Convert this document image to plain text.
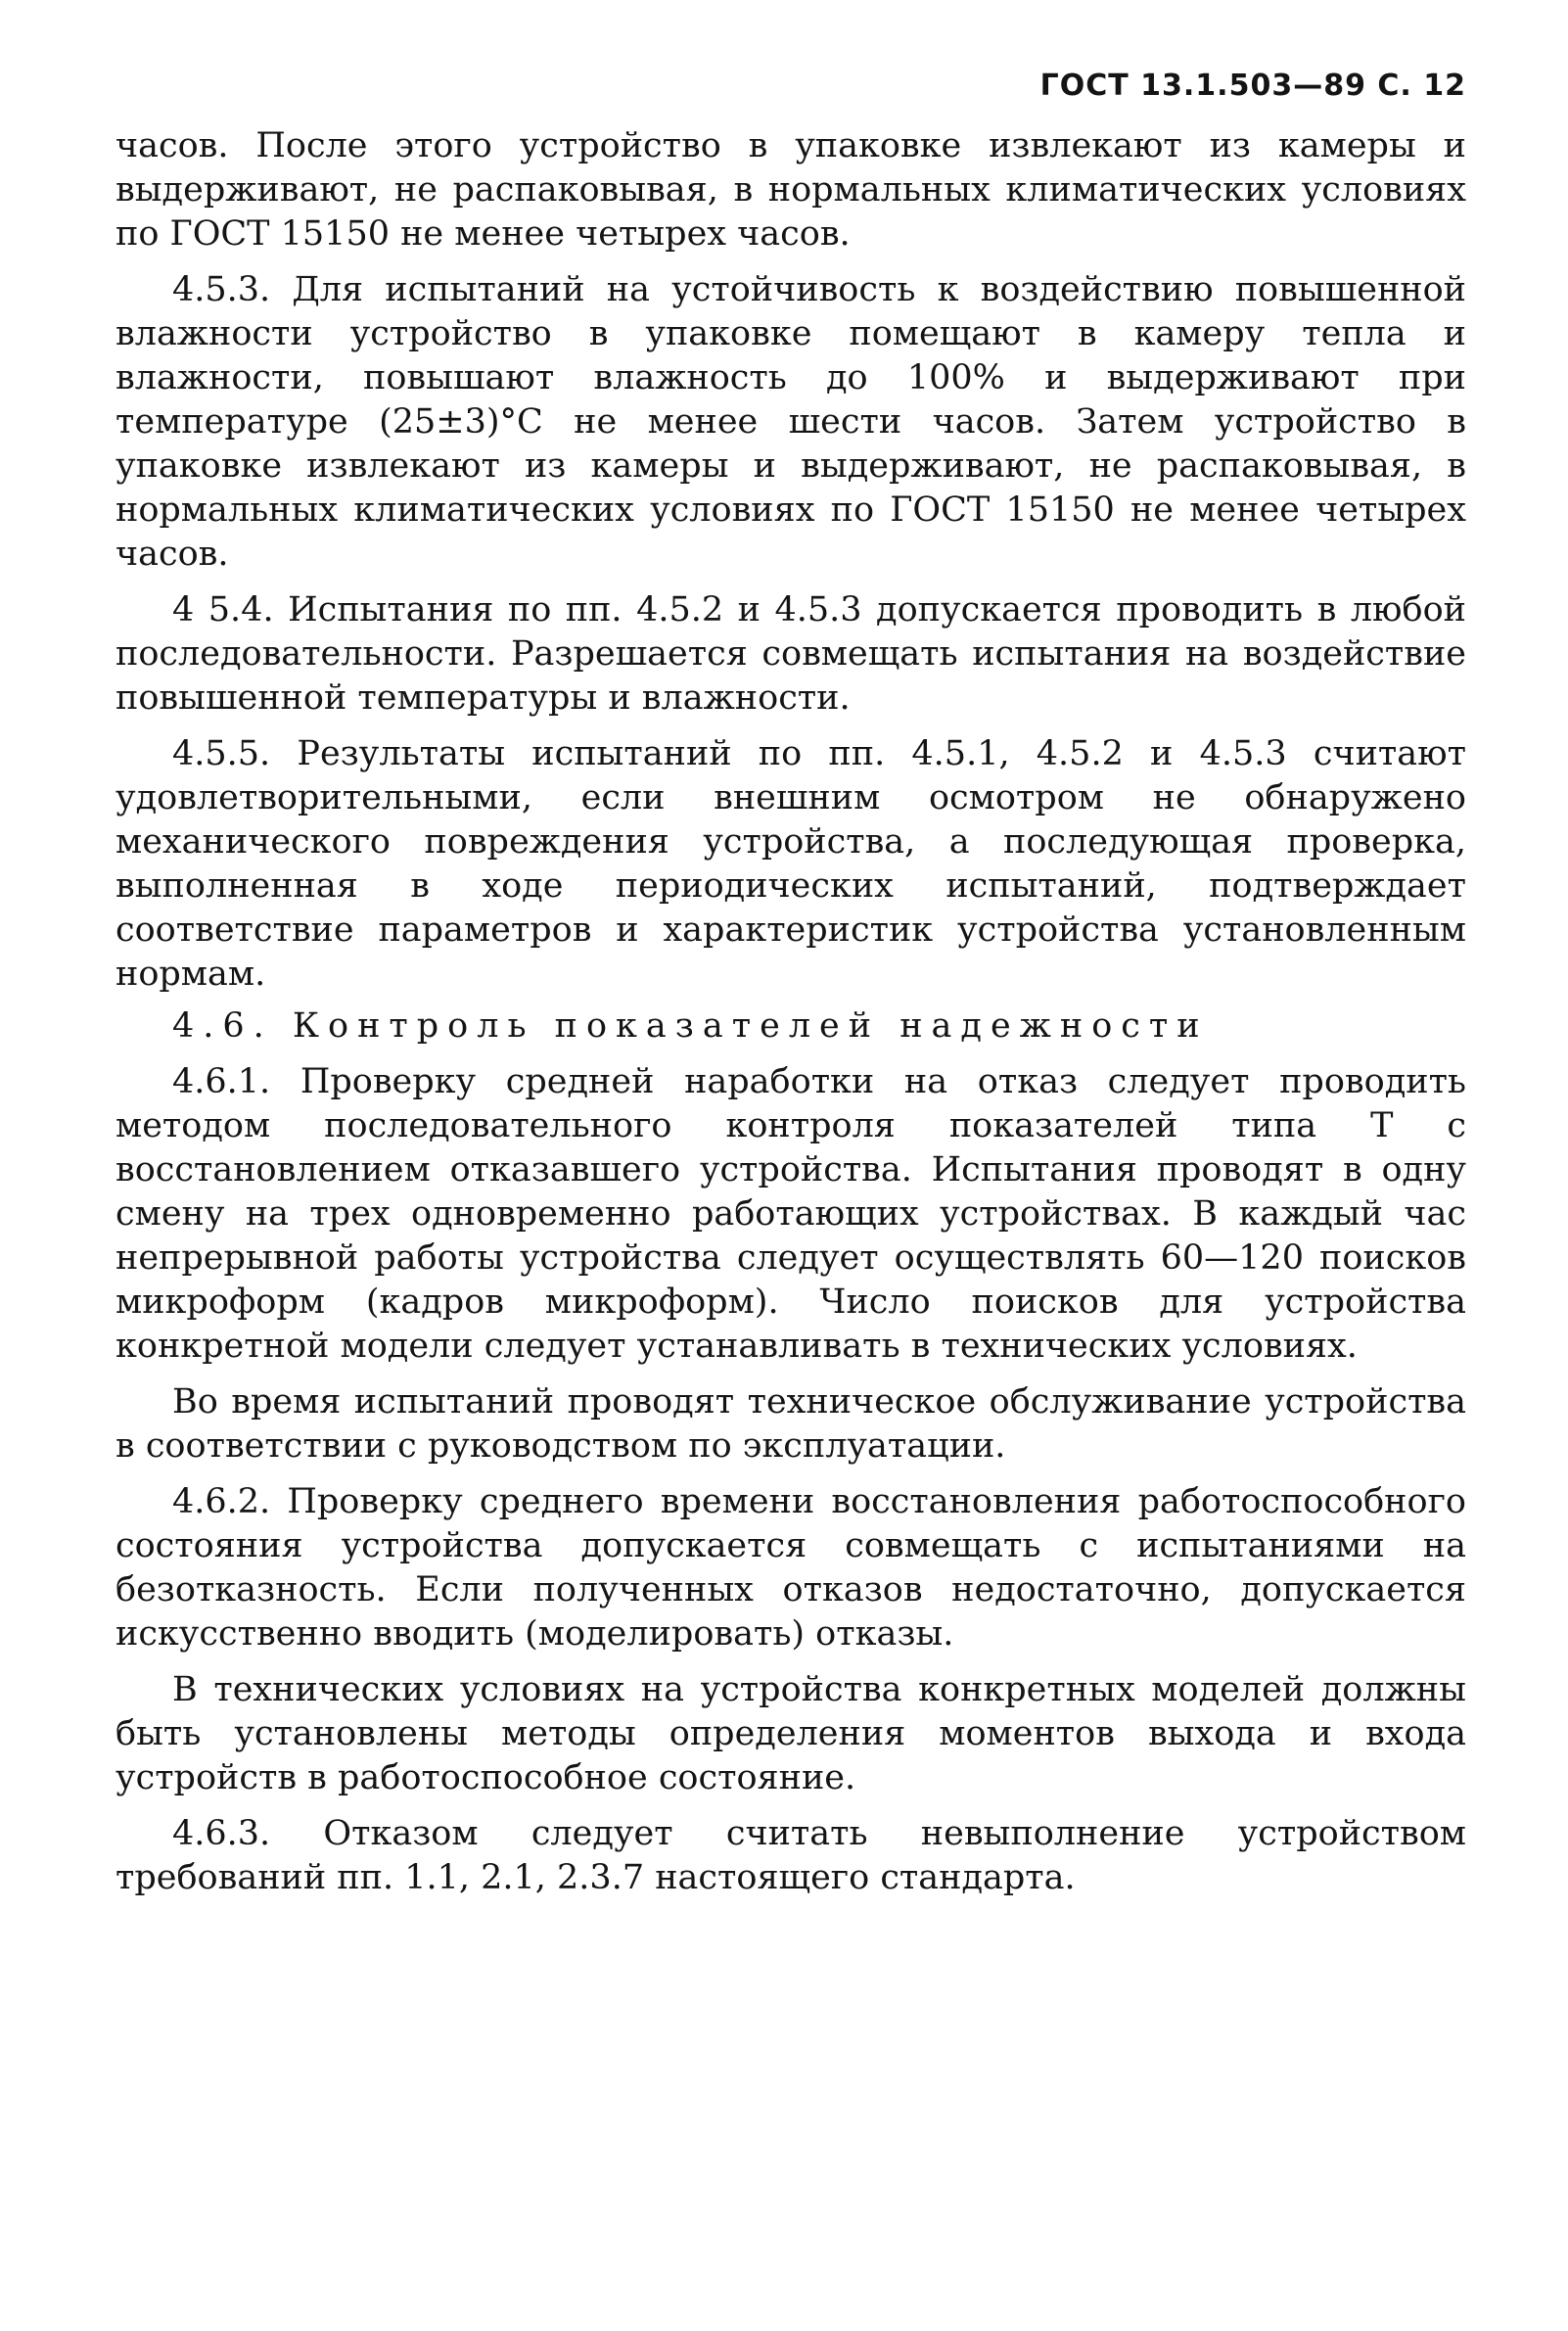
ГОСТ 13.1.503—89 С. 12

часов. После этого устройство в упаковке извлекают из камеры и выдерживают, не распаковывая, в нормальных климатических условиях по ГОСТ 15150 не менее четырех часов.

4.5.3. Для испытаний на устойчивость к воздействию повышенной влажности устройство в упаковке помещают в камеру тепла и влажности, повышают влажность до 100% и выдерживают при температуре (25±3)°С не менее шести часов. Затем устройство в упаковке извлекают из камеры и выдерживают, не распаковывая, в нормальных климатических условиях по ГОСТ 15150 не менее четырех часов.

4 5.4. Испытания по пп. 4.5.2 и 4.5.3 допускается проводить в любой последовательности. Разрешается совмещать испытания на воздействие повышенной температуры и влажности.

4.5.5. Результаты испытаний по пп. 4.5.1, 4.5.2 и 4.5.3 считают удовлетворительными, если внешним осмотром не обнаружено механического повреждения устройства, а последующая проверка, выполненная в ходе периодических испытаний, подтверждает соответствие параметров и характеристик устройства установленным нормам.

4.6. Контроль показателей надежности

4.6.1. Проверку средней наработки на отказ следует проводить методом последовательного контроля показателей типа Т с восстановлением отказавшего устройства. Испытания проводят в одну смену на трех одновременно работающих устройствах. В каждый час непрерывной работы устройства следует осуществлять 60—120 поисков микроформ (кадров микроформ). Число поисков для устройства конкретной модели следует устанавливать в технических условиях.

Во время испытаний проводят техническое обслуживание устройства в соответствии с руководством по эксплуатации.

4.6.2. Проверку среднего времени восстановления работоспособного состояния устройства допускается совмещать с испытаниями на безотказность. Если полученных отказов недостаточно, допускается искусственно вводить (моделировать) отказы.

В технических условиях на устройства конкретных моделей должны быть установлены методы определения моментов выхода и входа устройств в работоспособное состояние.

4.6.3. Отказом следует считать невыполнение устройством требований пп. 1.1, 2.1, 2.3.7 настоящего стандарта.
